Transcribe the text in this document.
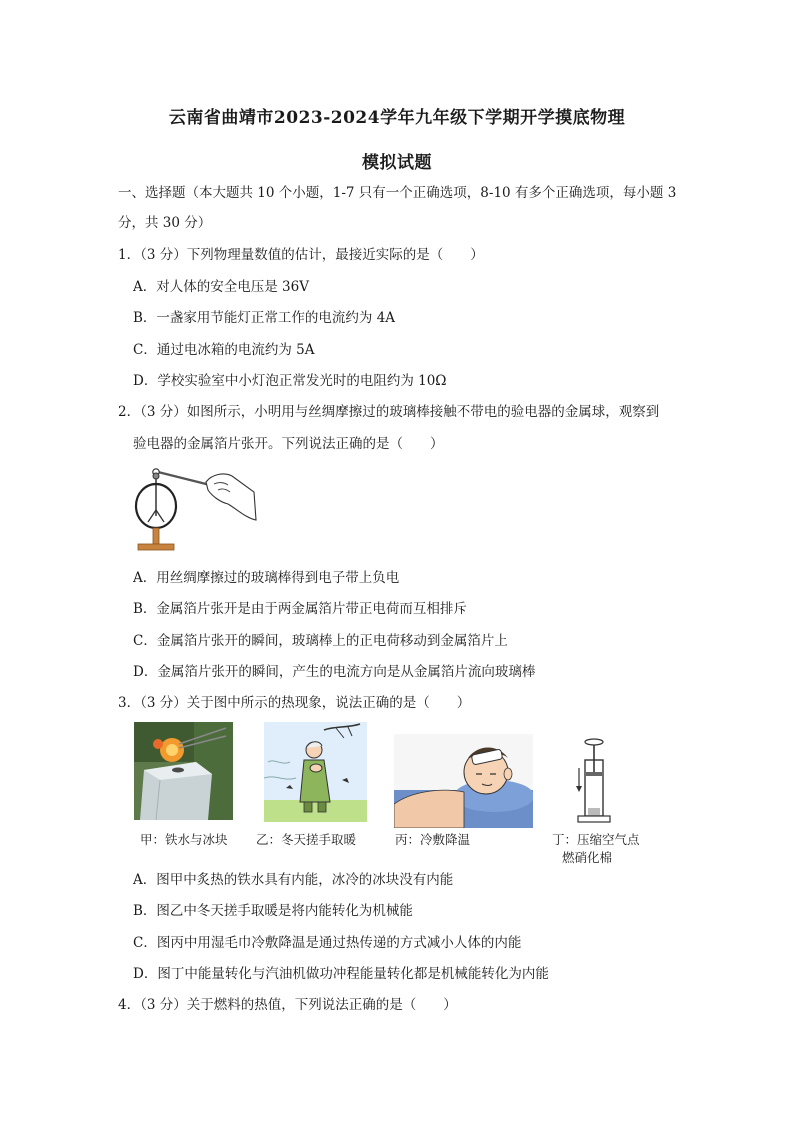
云南省曲靖市2023-2024学年九年级下学期开学摸底物理
模拟试题
一、选择题（本大题共 10 个小题，1-7 只有一个正确选项，8-10 有多个正确选项，每小题 3
分，共 30 分）
1．（3 分）下列物理量数值的估计，最接近实际的是（　　）
A．对人体的安全电压是 36V
B．一盏家用节能灯正常工作的电流约为 4A
C．通过电冰箱的电流约为 5A
D．学校实验室中小灯泡正常发光时的电阻约为 10Ω
2．（3 分）如图所示，小明用与丝绸摩擦过的玻璃棒接触不带电的验电器的金属球，观察到
验电器的金属箔片张开。下列说法正确的是（　　）
A．用丝绸摩擦过的玻璃棒得到电子带上负电
B．金属箔片张开是由于两金属箔片带正电荷而互相排斥
C．金属箔片张开的瞬间，玻璃棒上的正电荷移动到金属箔片上
D．金属箔片张开的瞬间，产生的电流方向是从金属箔片流向玻璃棒
3．（3 分）关于图中所示的热现象，说法正确的是（　　）
甲：铁水与冰块 乙：冬天搓手取暖	丙：冷敷降温	丁：压缩空气点
燃硝化棉
A．图甲中炙热的铁水具有内能，冰冷的冰块没有内能
B．图乙中冬天搓手取暖是将内能转化为机械能
C．图丙中用湿毛巾冷敷降温是通过热传递的方式减小人体的内能
D．图丁中能量转化与汽油机做功冲程能量转化都是机械能转化为内能
4．（3 分）关于燃料的热值，下列说法正确的是（　　）
